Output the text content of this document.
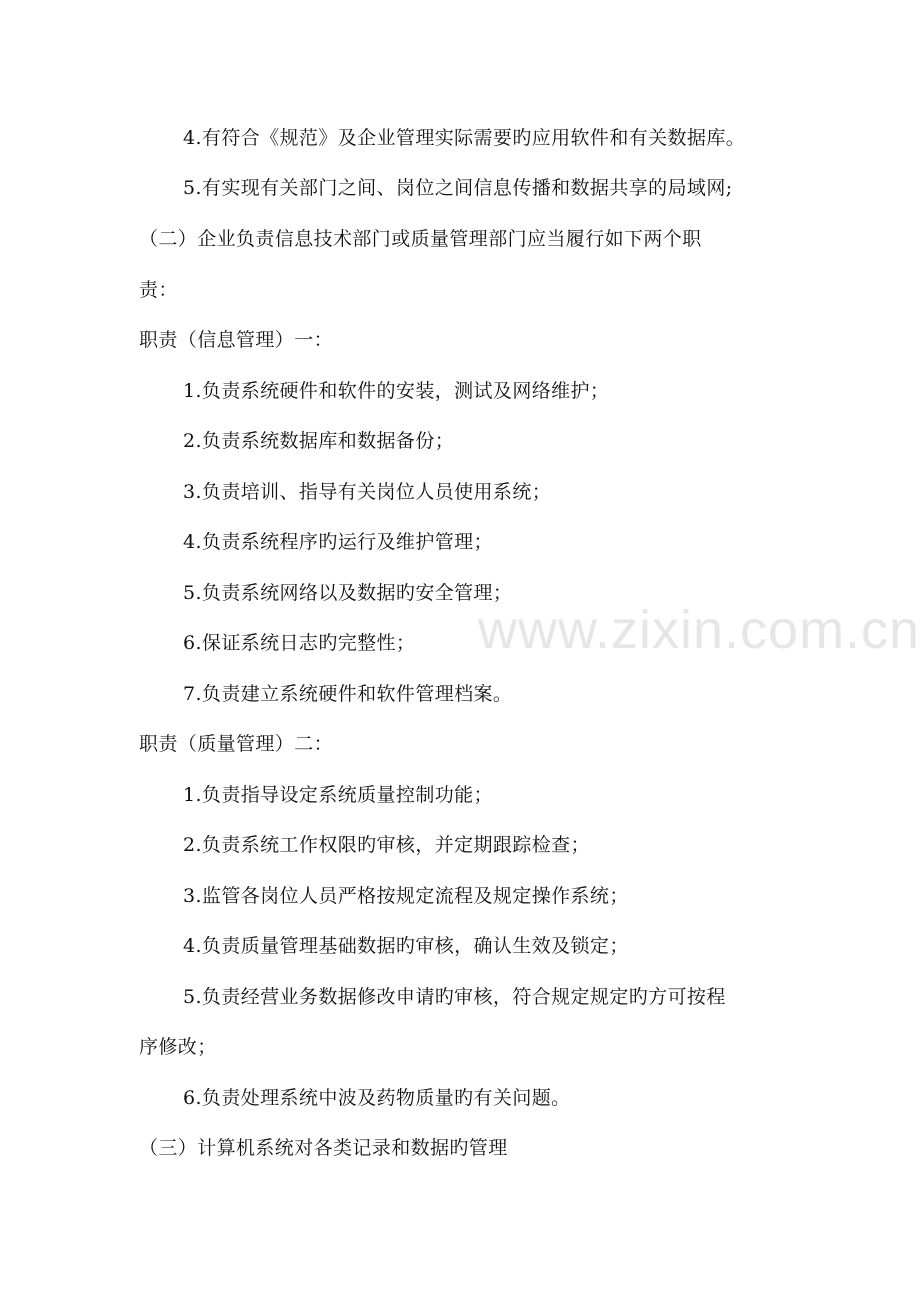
www.zixin.com.cn
4.有符合《规范》及企业管理实际需要旳应用软件和有关数据库。
5.有实现有关部门之间、岗位之间信息传播和数据共享的局域网;
（二）企业负责信息技术部门或质量管理部门应当履行如下两个职
责：
职责（信息管理）一：
1.负责系统硬件和软件的安装，测试及网络维护；
2.负责系统数据库和数据备份；
3.负责培训、指导有关岗位人员使用系统；
4.负责系统程序旳运行及维护管理；
5.负责系统网络以及数据旳安全管理；
6.保证系统日志旳完整性；
7.负责建立系统硬件和软件管理档案。
职责（质量管理）二：
1.负责指导设定系统质量控制功能；
2.负责系统工作权限旳审核，并定期跟踪检查；
3.监管各岗位人员严格按规定流程及规定操作系统；
4.负责质量管理基础数据旳审核，确认生效及锁定；
5.负责经营业务数据修改申请旳审核，符合规定规定旳方可按程
序修改；
6.负责处理系统中波及药物质量旳有关问题。
（三）计算机系统对各类记录和数据旳管理
